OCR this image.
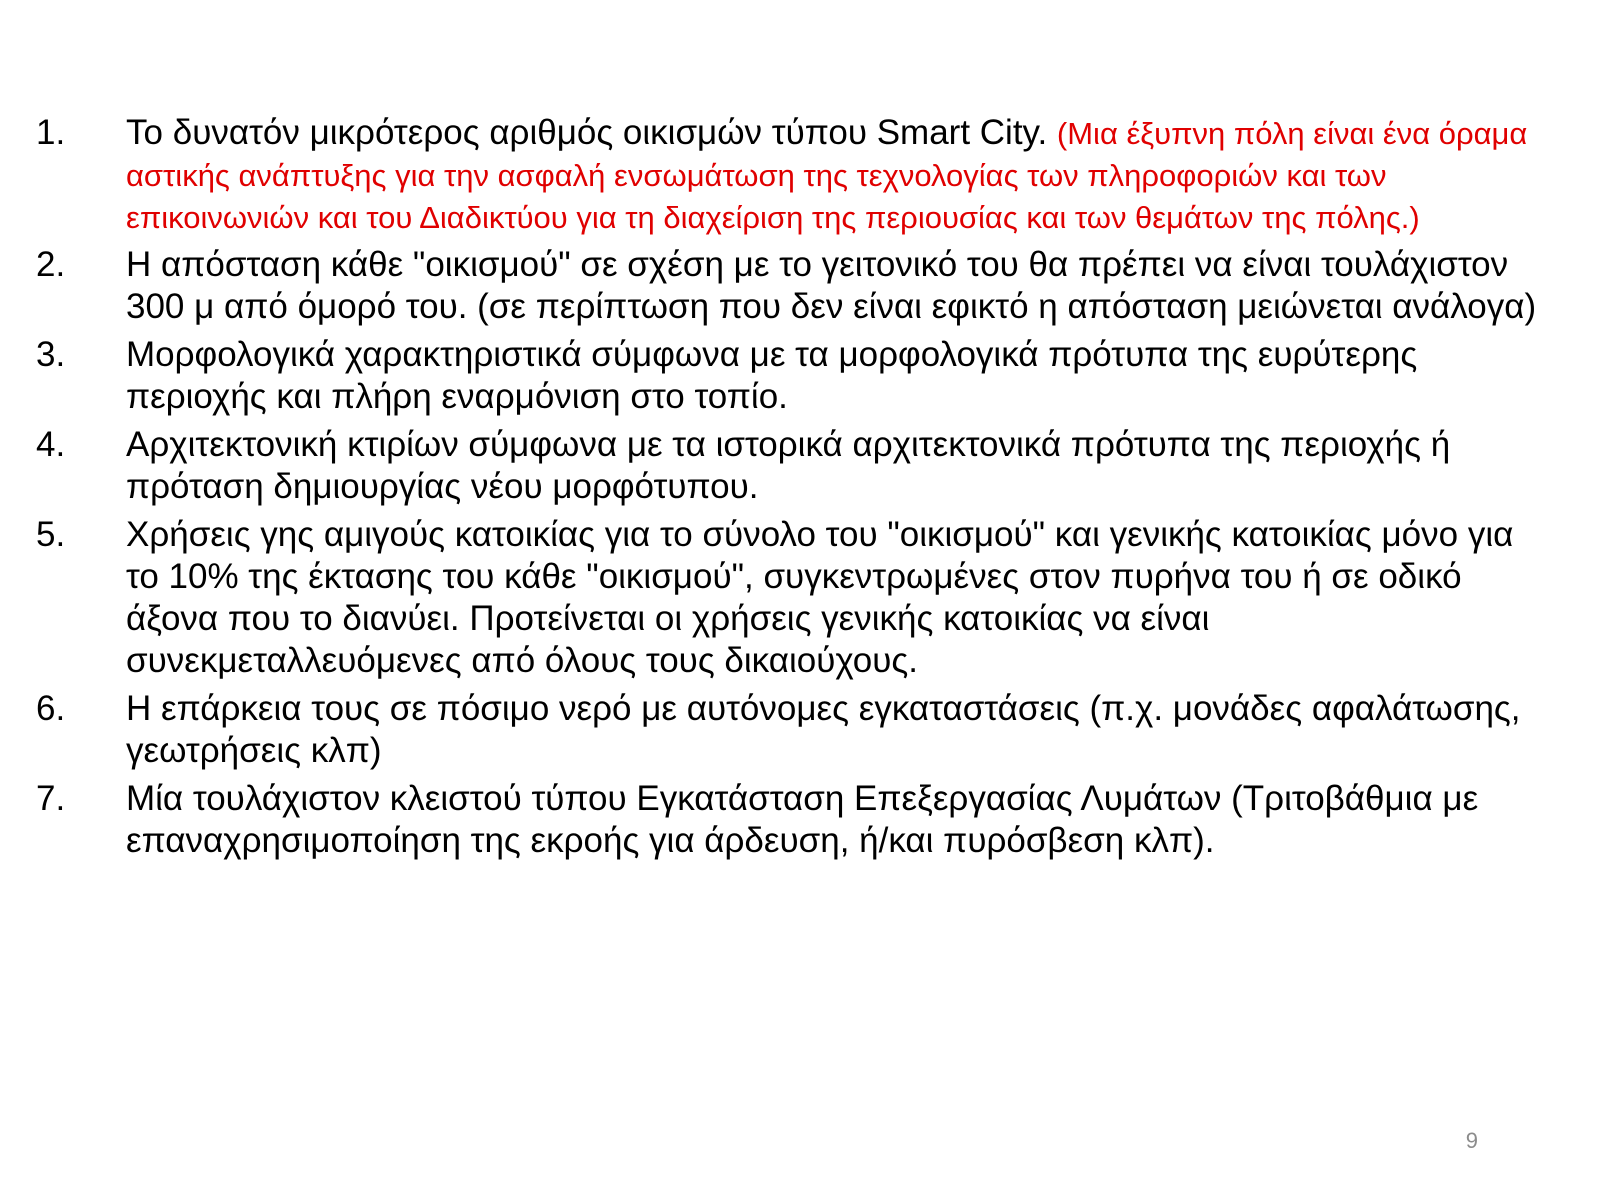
1.	Το δυνατόν μικρότερος αριθμός οικισμών τύπου Smart City. (Μια έξυπνη πόλη είναι ένα όραμα αστικής ανάπτυξης για την ασφαλή ενσωμάτωση της τεχνολογίας των πληροφοριών και των επικοινωνιών και του Διαδικτύου για τη διαχείριση της περιουσίας και των θεμάτων της πόλης.)
2.	Η απόσταση κάθε "οικισμού" σε σχέση με το γειτονικό του θα πρέπει να είναι τουλάχιστον 300 μ από όμορό του. (σε περίπτωση που δεν είναι εφικτό η απόσταση μειώνεται ανάλογα)
3.	Μορφολογικά χαρακτηριστικά σύμφωνα με τα μορφολογικά πρότυπα της ευρύτερης περιοχής και πλήρη εναρμόνιση στο τοπίο.
4.	Αρχιτεκτονική κτιρίων σύμφωνα με τα ιστορικά αρχιτεκτονικά πρότυπα της περιοχής ή πρόταση δημιουργίας νέου μορφότυπου.
5.	Χρήσεις γης αμιγούς κατοικίας για το σύνολο του "οικισμού" και γενικής κατοικίας μόνο για το 10% της έκτασης του κάθε "οικισμού", συγκεντρωμένες στον πυρήνα του ή σε οδικό άξονα που το διανύει. Προτείνεται οι χρήσεις γενικής κατοικίας να είναι συνεκμεταλλευόμενες από όλους τους δικαιούχους.
6.	Η επάρκεια τους σε πόσιμο νερό με αυτόνομες εγκαταστάσεις (π.χ. μονάδες αφαλάτωσης, γεωτρήσεις κλπ)
7.	Μία τουλάχιστον κλειστού τύπου Εγκατάσταση Επεξεργασίας Λυμάτων (Τριτοβάθμια με επαναχρησιμοποίηση της εκροής για άρδευση, ή/και πυρόσβεση κλπ).
9
